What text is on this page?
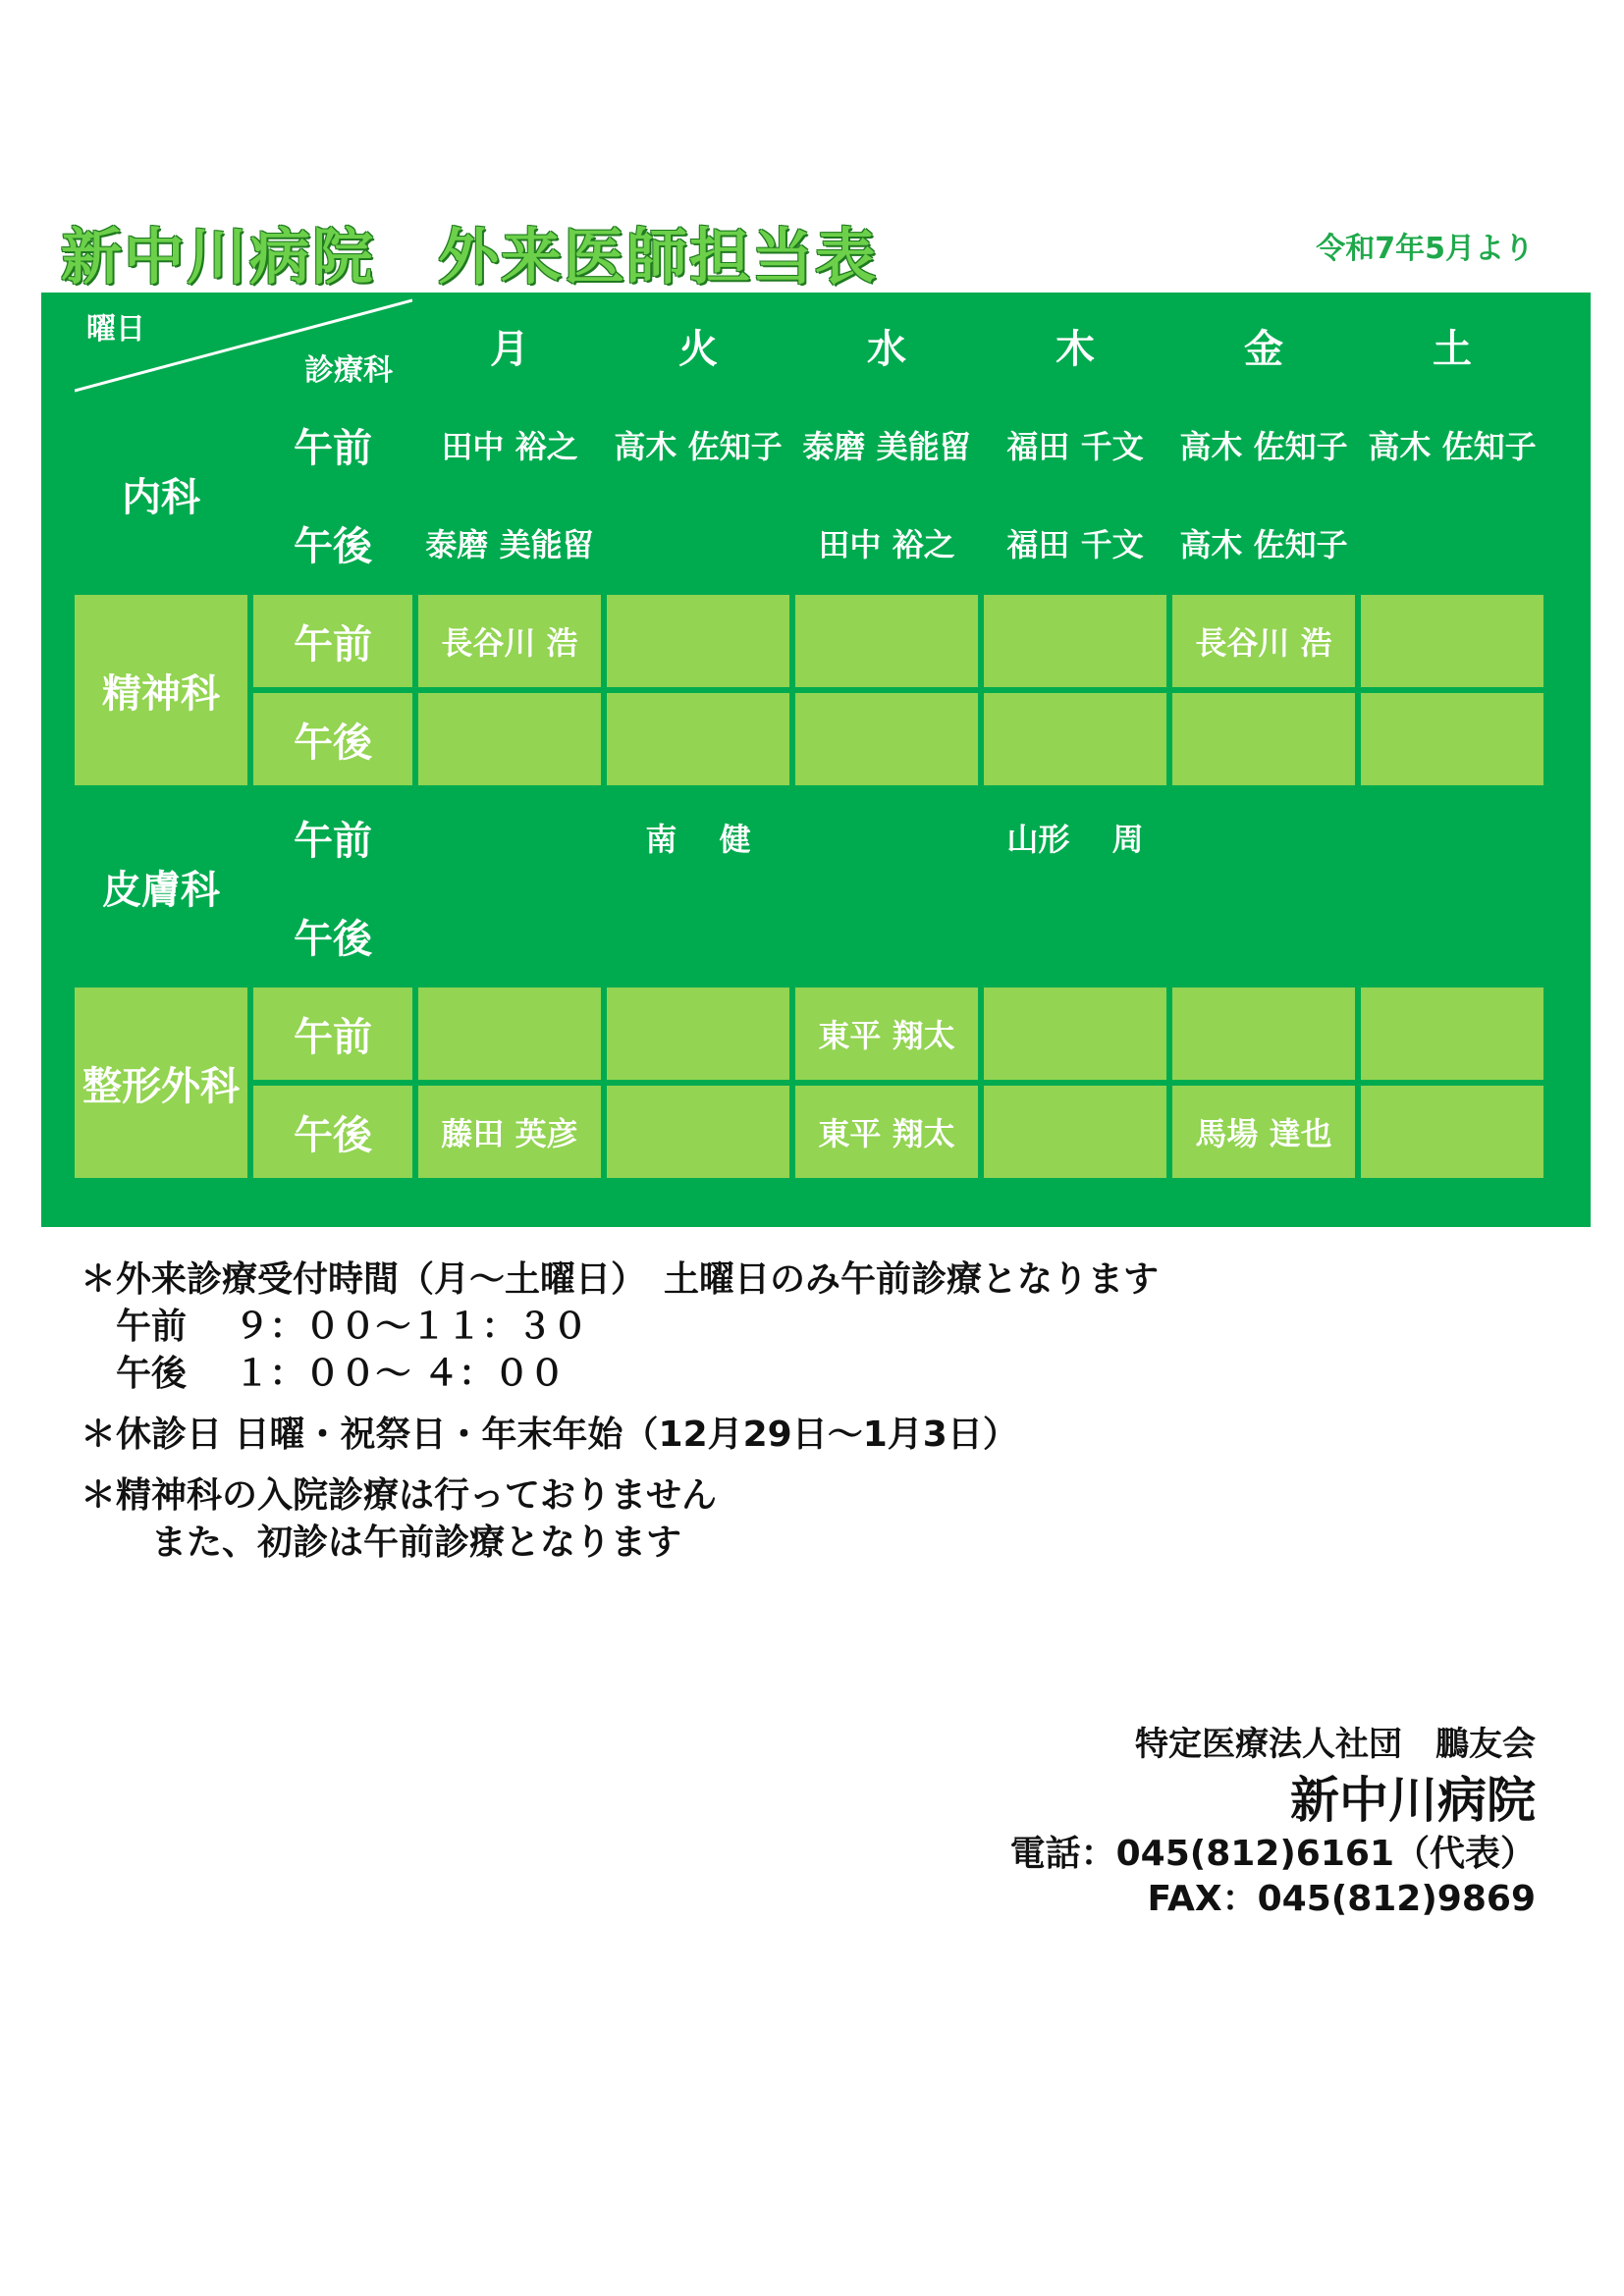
新中川病院　外来医師担当表	令和7年5月より
曜日
診療科		月	火	水	木	金	土
内科	午前	田中 裕之	高木 佐知子	泰磨 美能留	福田 千文	高木 佐知子	高木 佐知子
	午後	泰磨 美能留		田中 裕之	福田 千文	高木 佐知子	
精神科	午前	長谷川 浩				長谷川 浩	
	午後						
皮膚科	午前		南　 健		山形　 周		
	午後						
整形外科	午前			東平 翔太			
	午後	藤田 英彦		東平 翔太		馬場 達也	
＊外来診療受付時間（月～土曜日）　土曜日のみ午前診療となります
　午前　 ９：００～１１：３０
　午後　 １：００～ ４：００
＊休診日 日曜・祝祭日・年末年始（12月29日～1月3日）
＊精神科の入院診療は行っておりません
　　また、初診は午前診療となります
特定医療法人社団　鵬友会
新中川病院
電話：045(812)6161（代表）
FAX：045(812)9869
